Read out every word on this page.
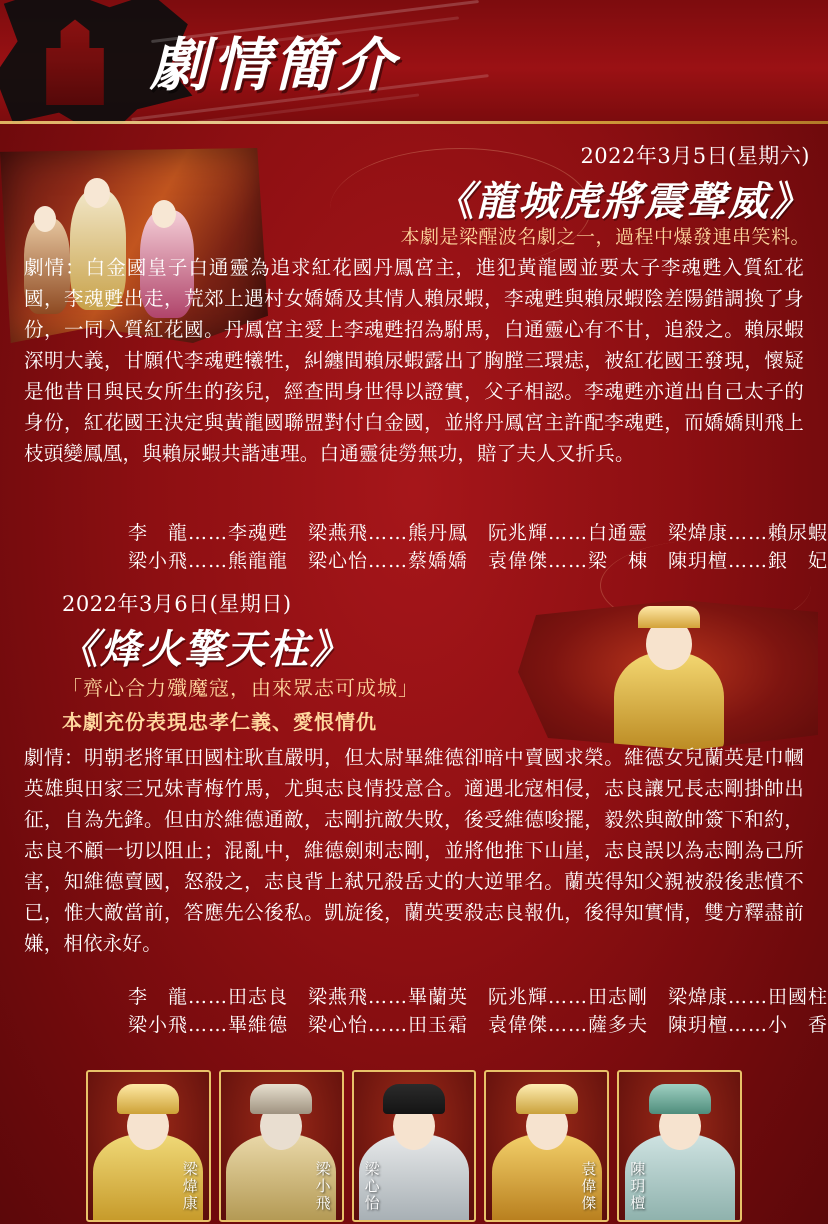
劇情簡介
2022年3月5日(星期六)
《龍城虎將震聲威》
本劇是梁醒波名劇之一，過程中爆發連串笑料。
劇情：白金國皇子白通靈為追求紅花國丹鳳宮主，進犯黃龍國並要太子李魂甦入質紅花國，李魂甦出走，荒郊上遇村女嬌嬌及其情人賴尿蝦，李魂甦與賴尿蝦陰差陽錯調換了身份，一同入質紅花國。丹鳳宮主愛上李魂甦招為駙馬，白通靈心有不甘，追殺之。賴尿蝦深明大義，甘願代李魂甦犧牲，糾纏間賴尿蝦露出了胸膛三環痣，被紅花國王發現，懷疑是他昔日與民女所生的孩兒，經查問身世得以證實，父子相認。李魂甦亦道出自己太子的身份，紅花國王決定與黃龍國聯盟對付白金國，並將丹鳳宮主許配李魂甦，而嬌嬌則飛上枝頭變鳳凰，與賴尿蝦共諧連理。白通靈徒勞無功，賠了夫人又折兵。
李　龍……李魂甦　梁燕飛……熊丹鳳　阮兆輝……白通靈　梁煒康……賴尿蝦
梁小飛……熊龍龍　梁心怡……蔡嬌嬌　袁偉傑……梁　棟　陳玥檀……銀　妃
2022年3月6日(星期日)
《烽火擎天柱》
「齊心合力殲魔寇，由來眾志可成城」
本劇充份表現忠孝仁義、愛恨情仇
劇情：明朝老將軍田國柱耿直嚴明，但太尉畢維德卻暗中賣國求榮。維德女兒蘭英是巾幗英雄與田家三兄妹青梅竹馬，尤與志良情投意合。適遇北寇相侵，志良讓兄長志剛掛帥出征，自為先鋒。但由於維德通敵，志剛抗敵失敗，後受維德唆擺，毅然與敵帥簽下和約，志良不顧一切以阻止；混亂中，維德劍刺志剛，並將他推下山崖，志良誤以為志剛為己所害，知維德賣國，怒殺之，志良背上弒兄殺岳丈的大逆罪名。蘭英得知父親被殺後悲憤不已，惟大敵當前，答應先公後私。凱旋後，蘭英要殺志良報仇，後得知實情，雙方釋盡前嫌，相依永好。
李　龍……田志良　梁燕飛……畢蘭英　阮兆輝……田志剛　梁煒康……田國柱
梁小飛……畢維德　梁心怡……田玉霜　袁偉傑……薩多夫　陳玥檀……小　香
梁煒康	梁小飛 梁心怡	袁偉傑 陳玥檀
